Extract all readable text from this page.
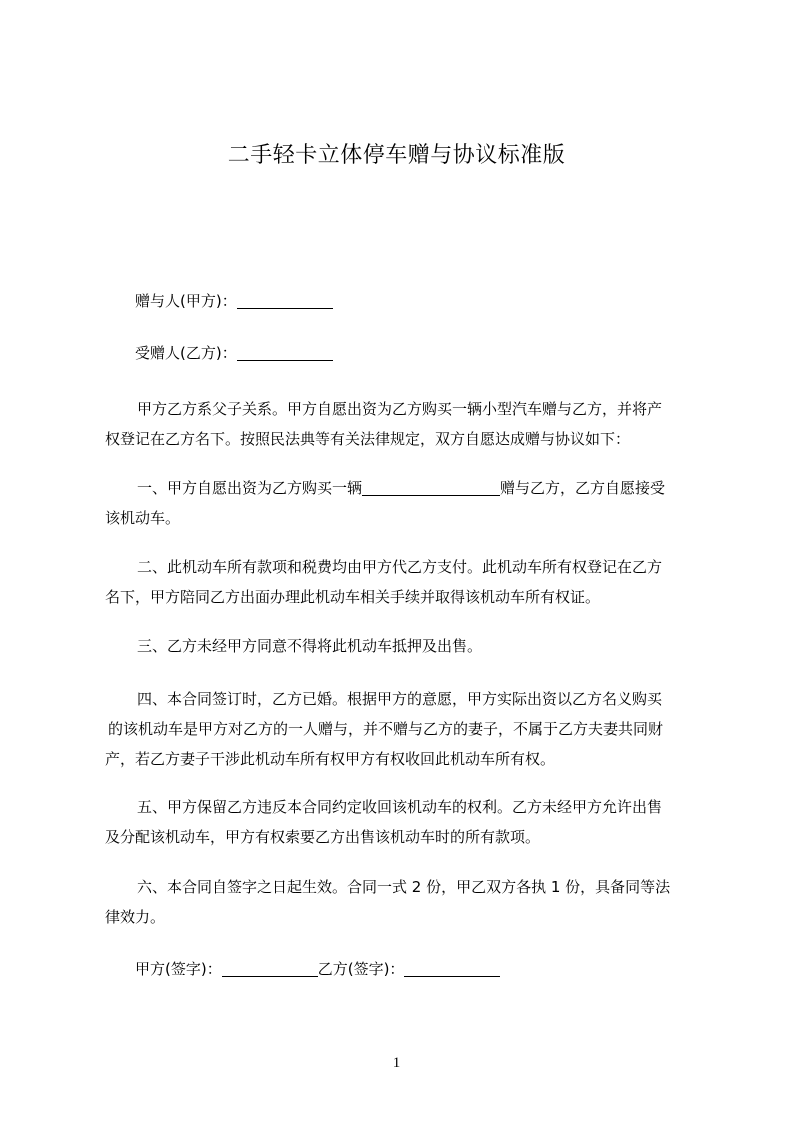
二手轻卡立体停车赠与协议标准版
赠与人(甲方)：
受赠人(乙方)：
甲方乙方系父子关系。甲方自愿出资为乙方购买一辆小型汽车赠与乙方，并将产
权登记在乙方名下。按照民法典等有关法律规定，双方自愿达成赠与协议如下：
一、甲方自愿出资为乙方购买一辆	赠与乙方，乙方自愿接受
该机动车。
二、此机动车所有款项和税费均由甲方代乙方支付。此机动车所有权登记在乙方
名下，甲方陪同乙方出面办理此机动车相关手续并取得该机动车所有权证。
三、乙方未经甲方同意不得将此机动车抵押及出售。
四、本合同签订时，乙方已婚。根据甲方的意愿，甲方实际出资以乙方名义购买
的该机动车是甲方对乙方的一人赠与，并不赠与乙方的妻子，不属于乙方夫妻共同财
产，若乙方妻子干涉此机动车所有权甲方有权收回此机动车所有权。
五、甲方保留乙方违反本合同约定收回该机动车的权利。乙方未经甲方允许出售
及分配该机动车，甲方有权索要乙方出售该机动车时的所有款项。
六、本合同自签字之日起生效。合同一式 2 份，甲乙双方各执 1 份，具备同等法
律效力。
甲方(签字)：	乙方(签字)：
1
